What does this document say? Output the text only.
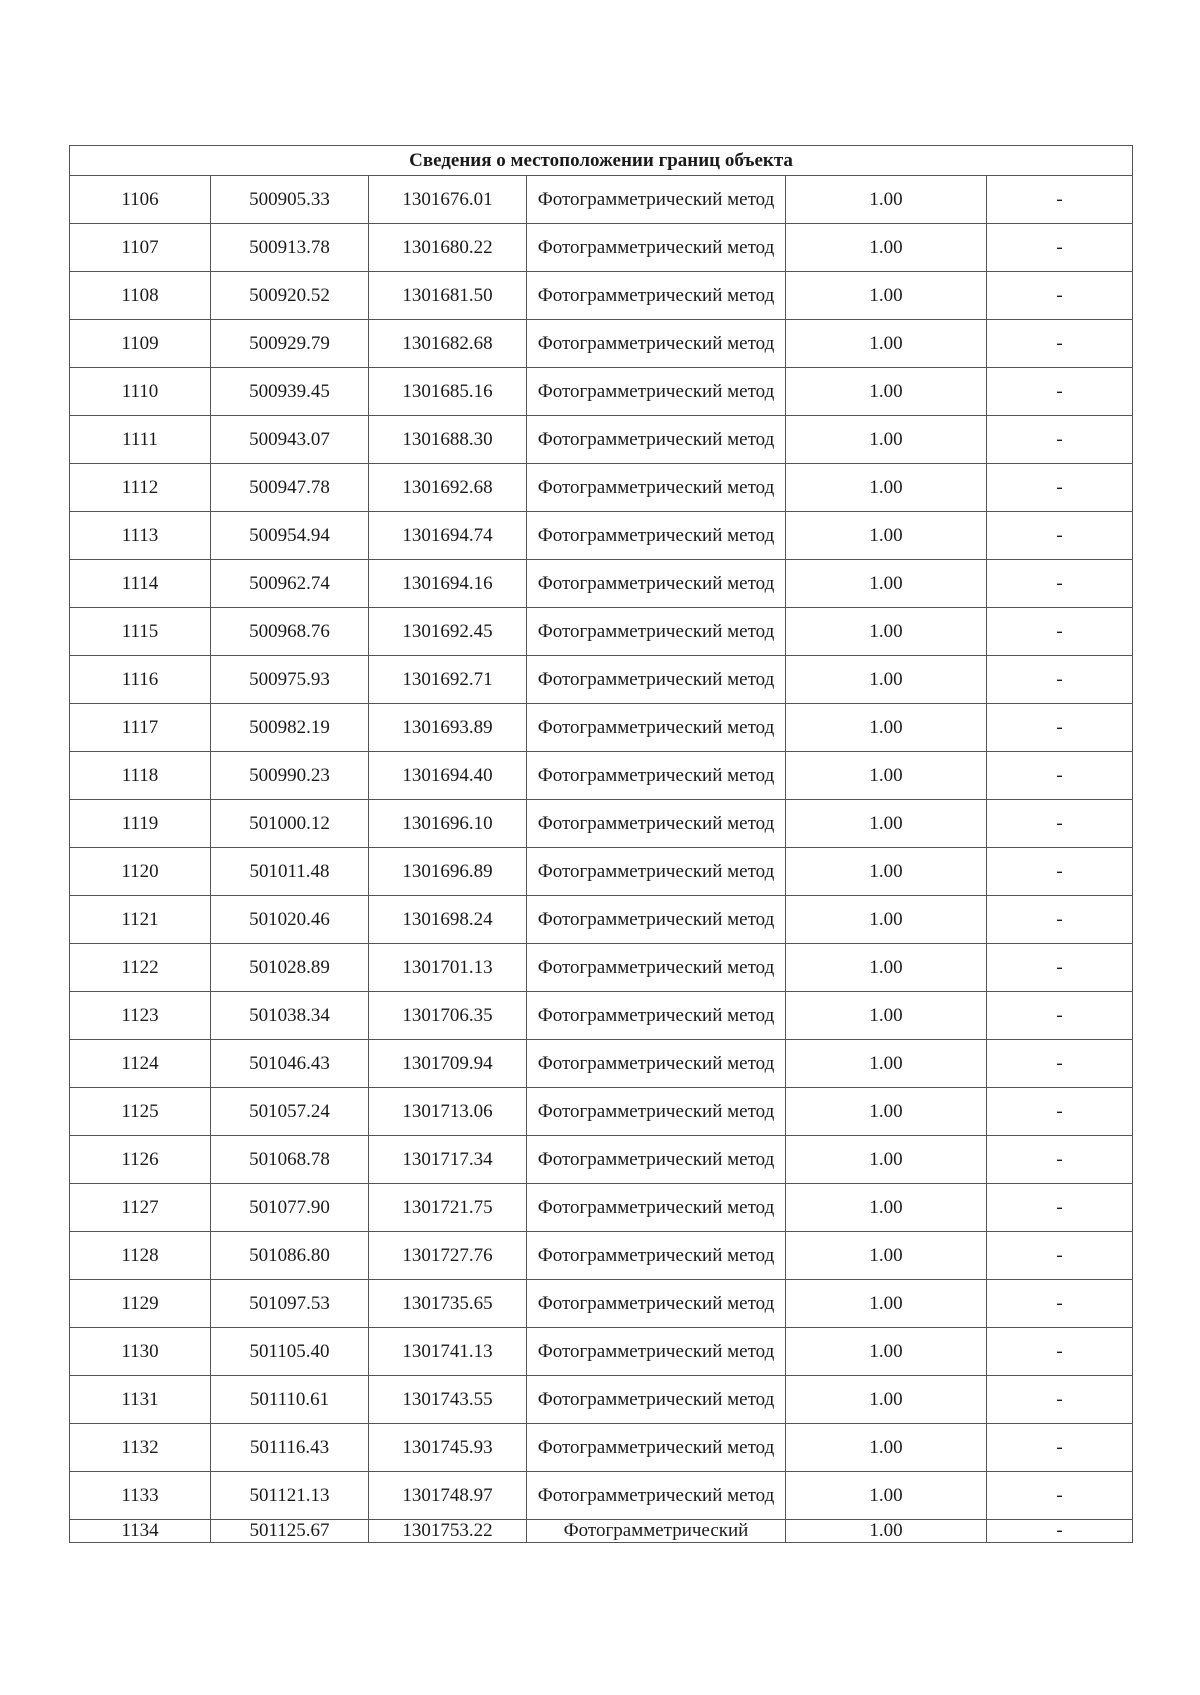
Сведения о местоположении границ объекта					
1106	500905.33	1301676.01	Фотограмметрический метод	1.00	-
1107	500913.78	1301680.22	Фотограмметрический метод	1.00	-
1108	500920.52	1301681.50	Фотограмметрический метод	1.00	-
1109	500929.79	1301682.68	Фотограмметрический метод	1.00	-
1110	500939.45	1301685.16	Фотограмметрический метод	1.00	-
1111	500943.07	1301688.30	Фотограмметрический метод	1.00	-
1112	500947.78	1301692.68	Фотограмметрический метод	1.00	-
1113	500954.94	1301694.74	Фотограмметрический метод	1.00	-
1114	500962.74	1301694.16	Фотограмметрический метод	1.00	-
1115	500968.76	1301692.45	Фотограмметрический метод	1.00	-
1116	500975.93	1301692.71	Фотограмметрический метод	1.00	-
1117	500982.19	1301693.89	Фотограмметрический метод	1.00	-
1118	500990.23	1301694.40	Фотограмметрический метод	1.00	-
1119	501000.12	1301696.10	Фотограмметрический метод	1.00	-
1120	501011.48	1301696.89	Фотограмметрический метод	1.00	-
1121	501020.46	1301698.24	Фотограмметрический метод	1.00	-
1122	501028.89	1301701.13	Фотограмметрический метод	1.00	-
1123	501038.34	1301706.35	Фотограмметрический метод	1.00	-
1124	501046.43	1301709.94	Фотограмметрический метод	1.00	-
1125	501057.24	1301713.06	Фотограмметрический метод	1.00	-
1126	501068.78	1301717.34	Фотограмметрический метод	1.00	-
1127	501077.90	1301721.75	Фотограмметрический метод	1.00	-
1128	501086.80	1301727.76	Фотограмметрический метод	1.00	-
1129	501097.53	1301735.65	Фотограмметрический метод	1.00	-
1130	501105.40	1301741.13	Фотограмметрический метод	1.00	-
1131	501110.61	1301743.55	Фотограмметрический метод	1.00	-
1132	501116.43	1301745.93	Фотограмметрический метод	1.00	-
1133	501121.13	1301748.97	Фотограмметрический метод	1.00	-
1134	501125.67	1301753.22	Фотограмметрический	1.00	-
